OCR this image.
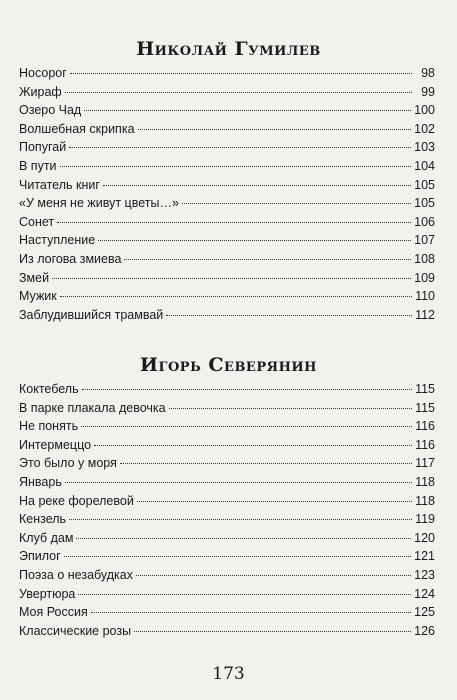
Николай Гумилев
Носорог	98
Жираф	99
Озеро Чад	100
Волшебная скрипка	102
Попугай	103
В пути	104
Читатель книг	105
«У меня не живут цветы…»	105
Сонет	106
Наступление	107
Из логова змиева	108
Змей	109
Мужик	110
Заблудившийся трамвай	112
Игорь Северянин
Коктебель	115
В парке плакала девочка	115
Не понять	116
Интермеццо	116
Это было у моря	117
Январь	118
На реке форелевой	118
Кензель	119
Клуб дам	120
Эпилог	121
Поэза о незабудках	123
Увертюра	124
Моя Россия	125
Классические розы	126
173
